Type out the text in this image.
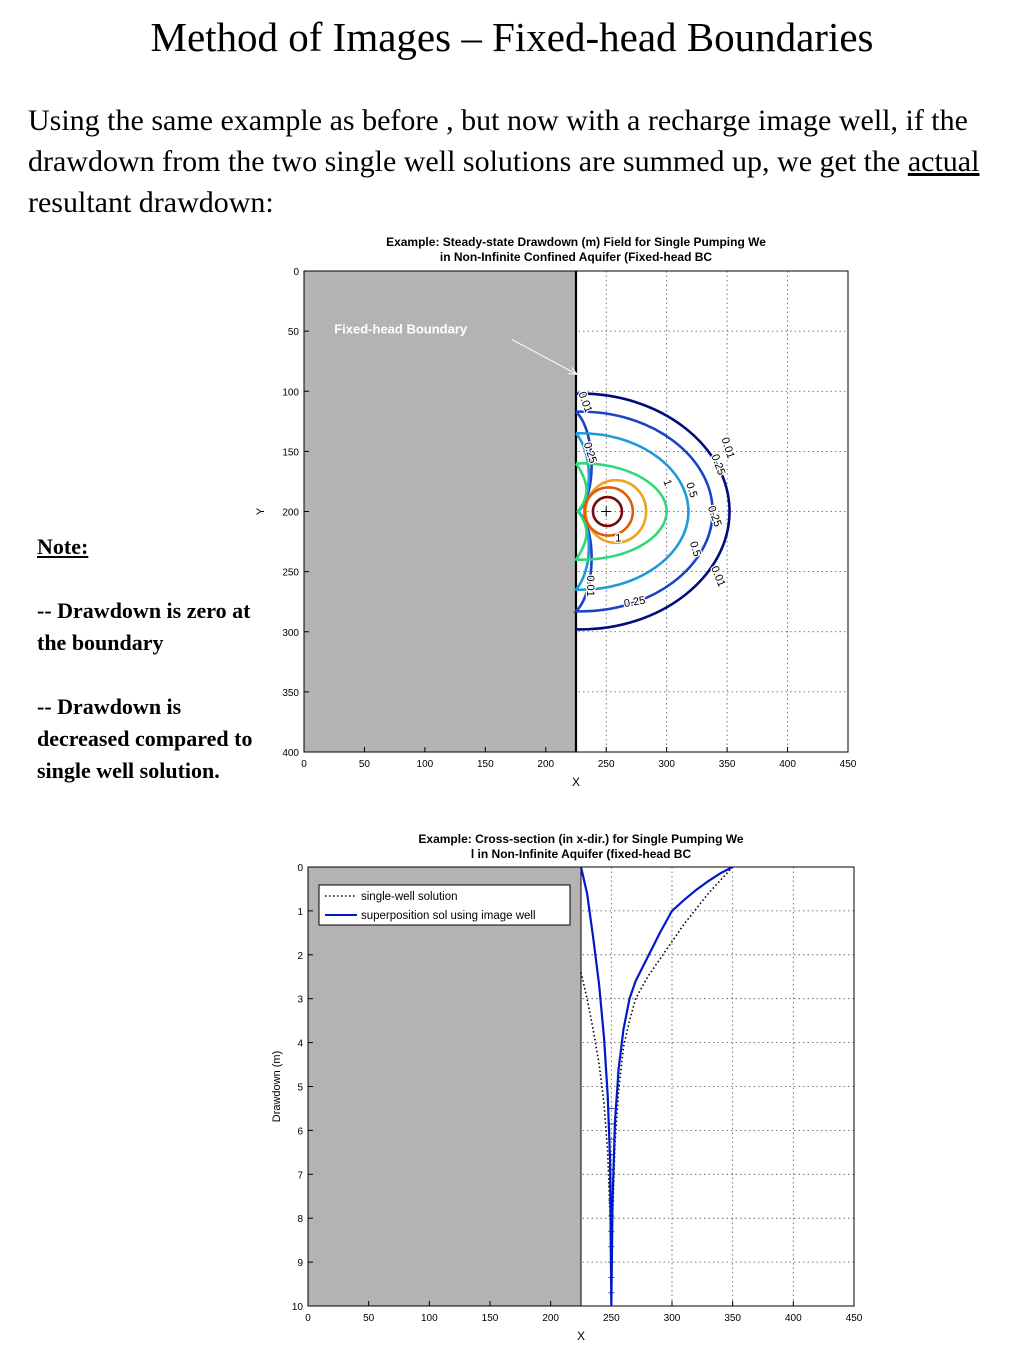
Method of Images – Fixed-head Boundaries

Using the same example as before , but now with a recharge image well, if the drawdown from the two single well solutions are summed up, we get the actual resultant drawdown:

Note:
-- Drawdown is zero at the boundary
-- Drawdown is decreased compared to single well solution.
Example: Steady-state Drawdown (m) Field for Single Pumping We
in Non-Infinite Confined Aquifer (Fixed-head BC
0	50	100	150	200	250	300	350	400	450
0
50
100
150
200
250
300
350
400
X
Y
0.01
0.25	0.25
0.25
0.5
0.5
0.01
0.01
1
1
0.25
0.01
Fixed-head Boundary
Example: Cross-section (in x-dir.) for Single Pumping We
l in Non-Infinite Aquifer (fixed-head BC
0	50	100	150	200	250	300	350	400	450
0
1
2
3
4
5
6
7
8
9
10
X
Drawdown (m)
single-well solution
superposition sol using image well
